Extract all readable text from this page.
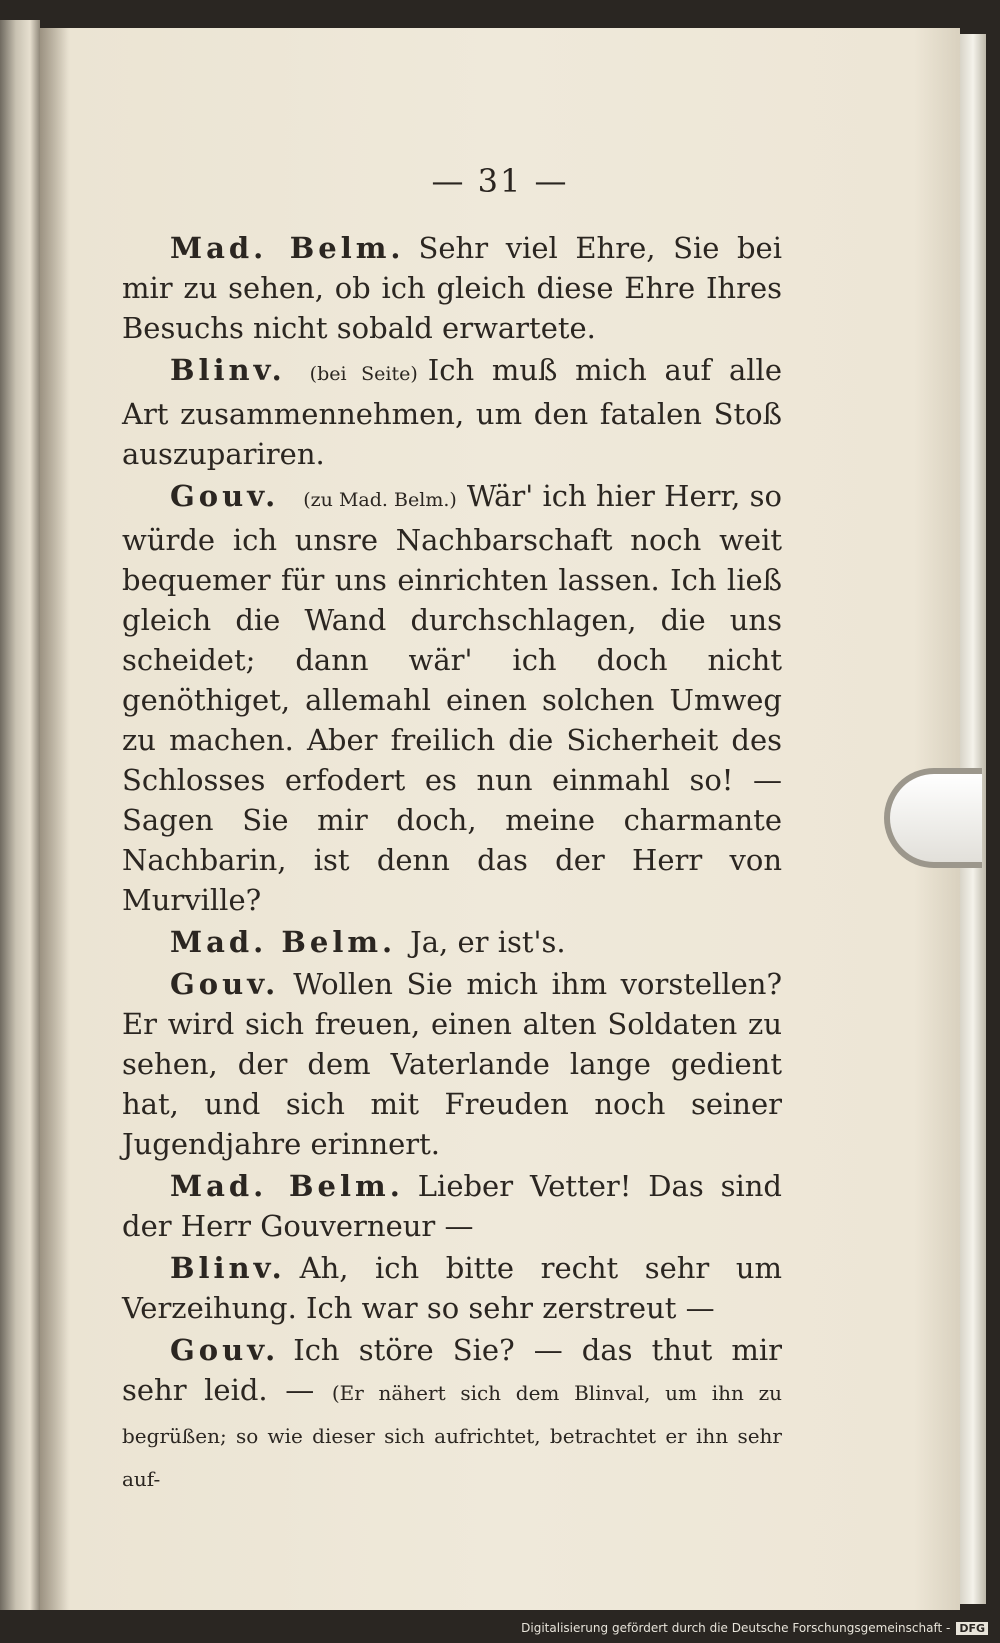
— 31 —

Mad. Belm. Sehr viel Ehre, Sie bei mir zu sehen, ob ich gleich diese Ehre Ihres Besuchs nicht sobald erwartete.

Blinv. (bei Seite) Ich muß mich auf alle Art zusammennehmen, um den fatalen Stoß auszupariren.

Gouv. (zu Mad. Belm.) Wär' ich hier Herr, so würde ich unsre Nachbarschaft noch weit bequemer für uns einrichten lassen. Ich ließ gleich die Wand durchschlagen, die uns scheidet; dann wär' ich doch nicht genöthiget, allemahl einen solchen Umweg zu machen. Aber freilich die Sicherheit des Schlosses erfodert es nun einmahl so! — Sagen Sie mir doch, meine charmante Nachbarin, ist denn das der Herr von Murville?

Mad. Belm. Ja, er ist's.

Gouv. Wollen Sie mich ihm vorstellen? Er wird sich freuen, einen alten Soldaten zu sehen, der dem Vaterlande lange gedient hat, und sich mit Freuden noch seiner Jugendjahre erinnert.

Mad. Belm. Lieber Vetter! Das sind der Herr Gouverneur —

Blinv. Ah, ich bitte recht sehr um Verzeihung. Ich war so sehr zerstreut —

Gouv. Ich störe Sie? — das thut mir sehr leid. — (Er nähert sich dem Blinval, um ihn zu begrüßen; so wie dieser sich aufrichtet, betrachtet er ihn sehr auf-

Digitalisierung gefördert durch die Deutsche Forschungsgemeinschaft - DFG
